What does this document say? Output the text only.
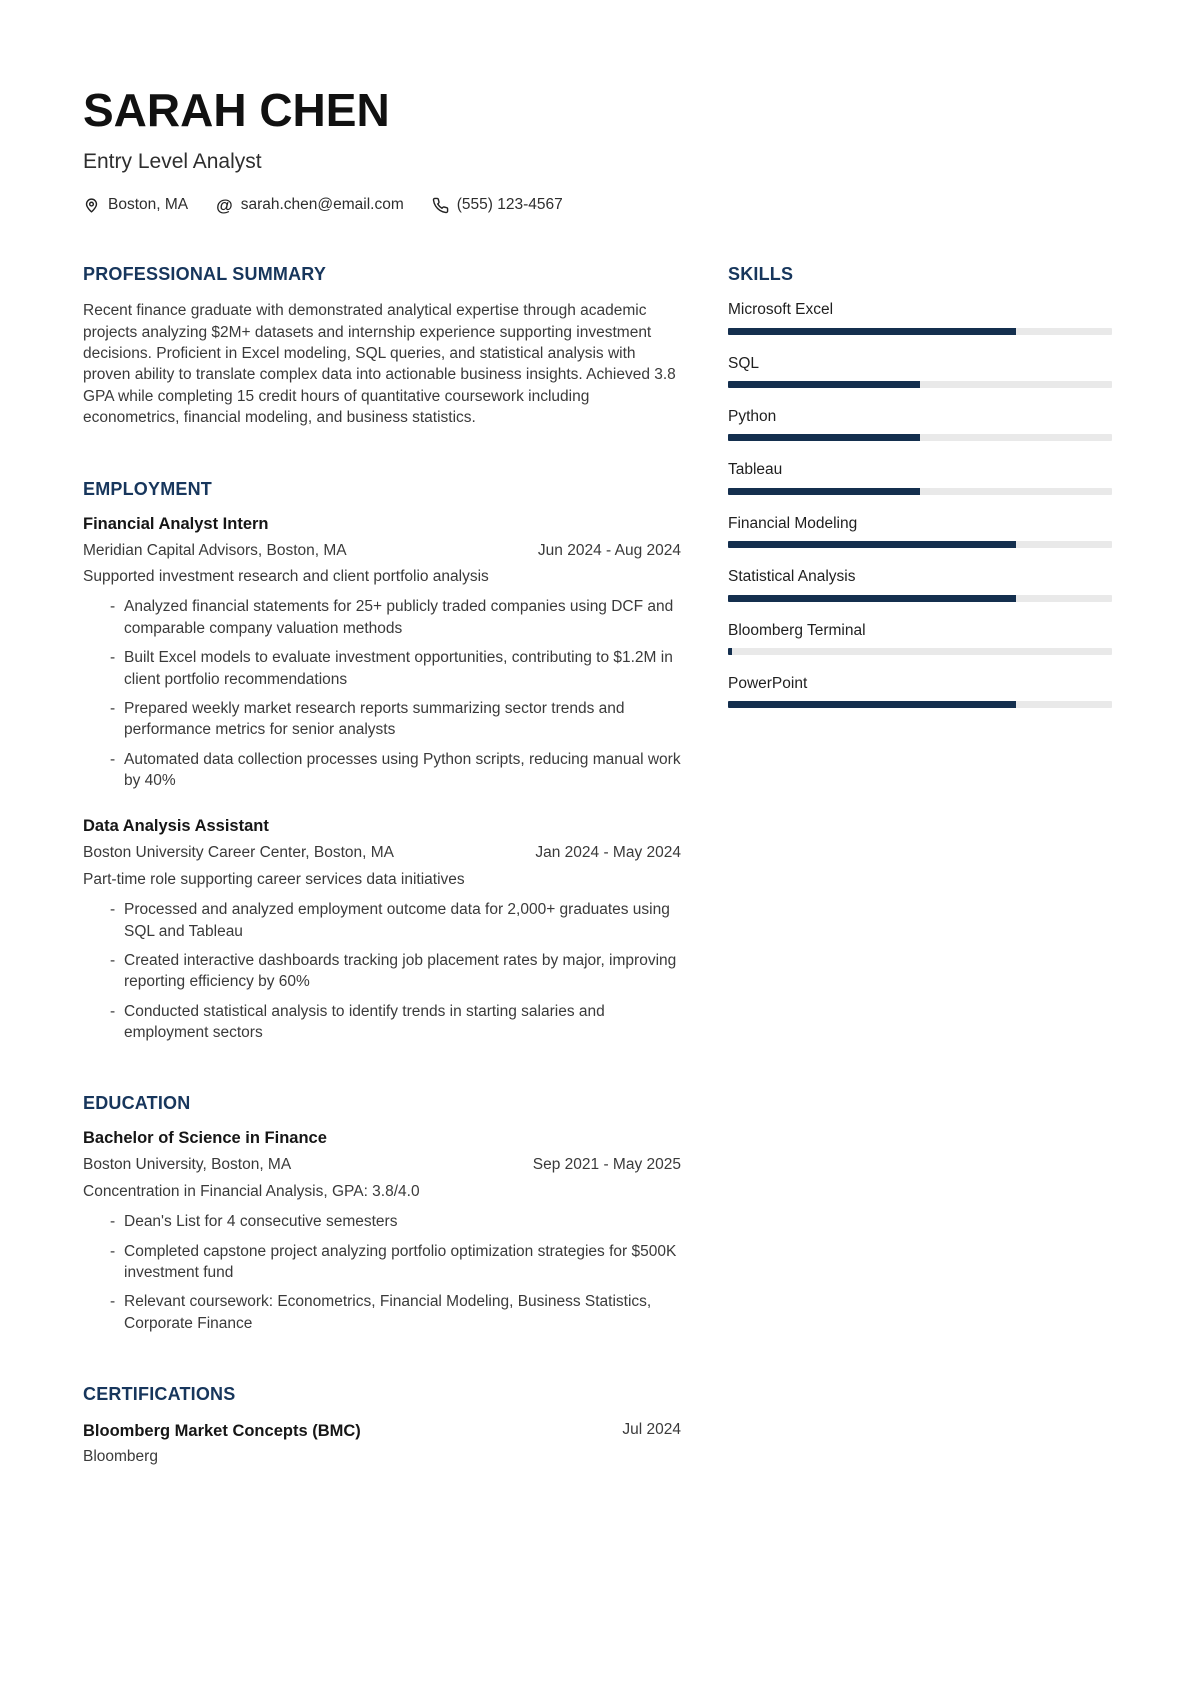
SARAH CHEN

Entry Level Analyst

Boston, MA @ sarah.chen@email.com	(555) 123-4567
PROFESSIONAL SUMMARY

Recent finance graduate with demonstrated analytical expertise through academic projects analyzing $2M+ datasets and internship experience supporting investment decisions. Proficient in Excel modeling, SQL queries, and statistical analysis with proven ability to translate complex data into actionable business insights. Achieved 3.8 GPA while completing 15 credit hours of quantitative coursework including econometrics, financial modeling, and business statistics.

EMPLOYMENT
Financial Analyst Intern
Meridian Capital Advisors, Boston, MA	Jun 2024 - Aug 2024

Supported investment research and client portfolio analysis

- Analyzed financial statements for 25+ publicly traded companies using DCF and comparable company valuation methods
- Built Excel models to evaluate investment opportunities, contributing to $1.2M in client portfolio recommendations
- Prepared weekly market research reports summarizing sector trends and performance metrics for senior analysts
- Automated data collection processes using Python scripts, reducing manual work by 40%
Data Analysis Assistant
Boston University Career Center, Boston, MA	Jan 2024 - May 2024

Part-time role supporting career services data initiatives

- Processed and analyzed employment outcome data for 2,000+ graduates using SQL and Tableau
- Created interactive dashboards tracking job placement rates by major, improving reporting efficiency by 60%
- Conducted statistical analysis to identify trends in starting salaries and employment sectors
EDUCATION
Bachelor of Science in Finance
Boston University, Boston, MA	Sep 2021 - May 2025

Concentration in Financial Analysis, GPA: 3.8/4.0

- Dean's List for 4 consecutive semesters
- Completed capstone project analyzing portfolio optimization strategies for $500K investment fund
- Relevant coursework: Econometrics, Financial Modeling, Business Statistics, Corporate Finance
CERTIFICATIONS
Bloomberg Market Concepts (BMC)	Jul 2024

Bloomberg

SKILLS

Microsoft Excel

SQL

Python

Tableau

Financial Modeling

Statistical Analysis

Bloomberg Terminal

PowerPoint
